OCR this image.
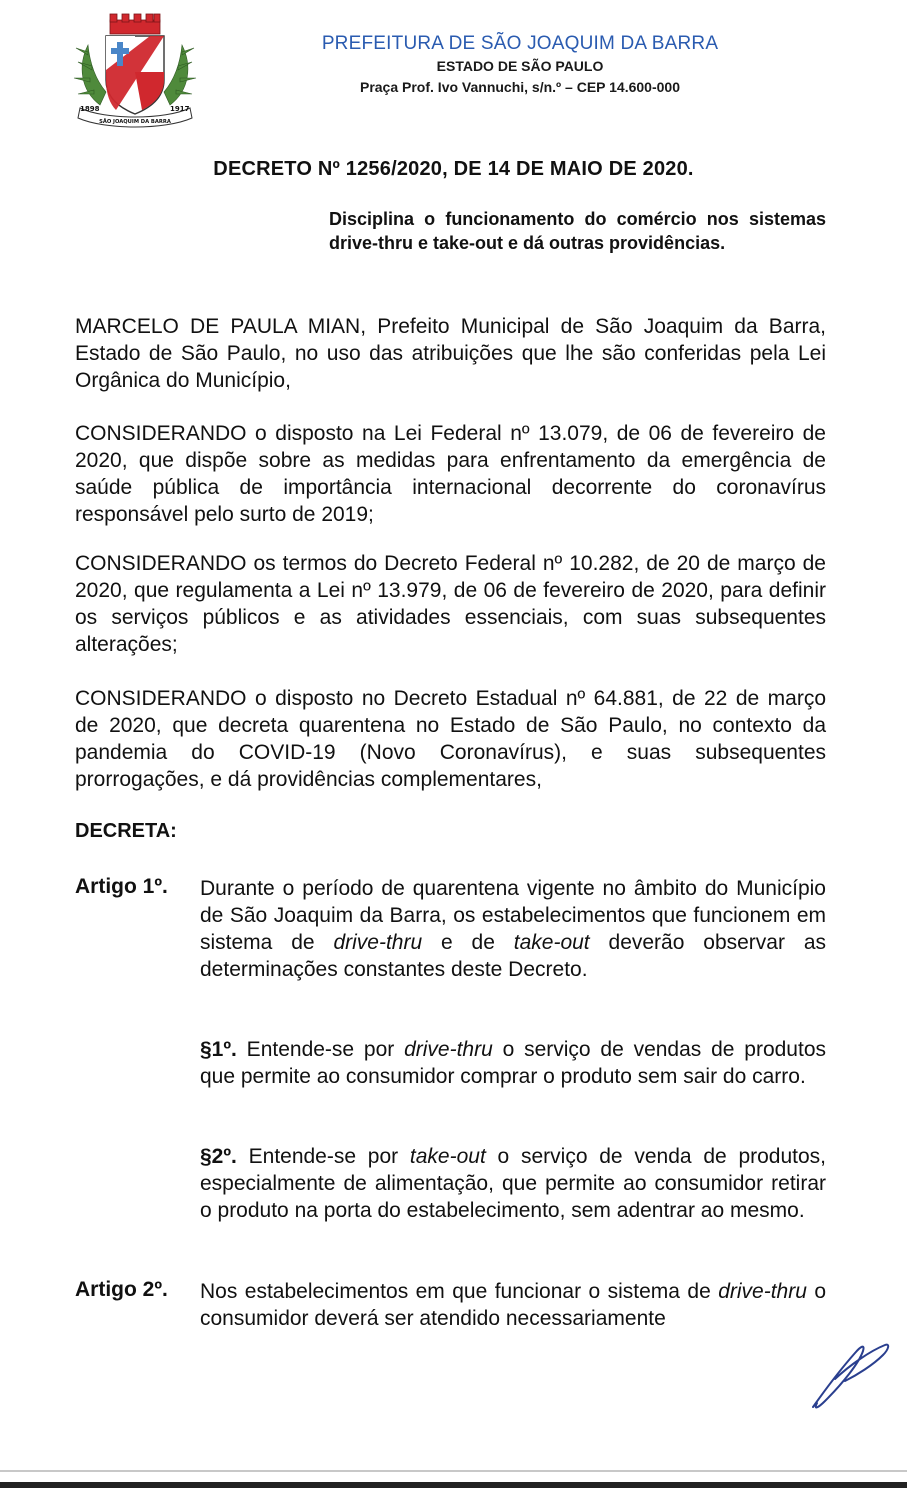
1898	1917
SÃO JOAQUIM DA BARRA
PREFEITURA DE SÃO JOAQUIM DA BARRA
ESTADO DE SÃO PAULO
Praça Prof. Ivo Vannuchi, s/n.º – CEP 14.600-000
DECRETO Nº 1256/2020, DE 14 DE MAIO DE 2020.
Disciplina o funcionamento do comércio nos sistemas drive-thru e take-out e dá outras providências.
MARCELO DE PAULA MIAN, Prefeito Municipal de São Joaquim da Barra, Estado de São Paulo, no uso das atribuições que lhe são conferidas pela Lei Orgânica do Município,
CONSIDERANDO o disposto na Lei Federal nº 13.079, de 06 de fevereiro de 2020, que dispõe sobre as medidas para enfrentamento da emergência de saúde pública de importância internacional decorrente do coronavírus responsável pelo surto de 2019;
CONSIDERANDO os termos do Decreto Federal nº 10.282, de 20 de março de 2020, que regulamenta a Lei nº 13.979, de 06 de fevereiro de 2020, para definir os serviços públicos e as atividades essenciais, com suas subsequentes alterações;
CONSIDERANDO o disposto no Decreto Estadual nº 64.881, de 22 de março de 2020, que decreta quarentena no Estado de São Paulo, no contexto da pandemia do COVID-19 (Novo Coronavírus), e suas subsequentes prorrogações, e dá providências complementares,
DECRETA:
Artigo 1º. Durante o período de quarentena vigente no âmbito do Município de São Joaquim da Barra, os estabelecimentos que funcionem em sistema de drive-thru e de take-out deverão observar as determinações constantes deste Decreto.
§1º. Entende-se por drive-thru o serviço de vendas de produtos que permite ao consumidor comprar o produto sem sair do carro.
§2º. Entende-se por take-out o serviço de venda de produtos, especialmente de alimentação, que permite ao consumidor retirar o produto na porta do estabelecimento, sem adentrar ao mesmo.
Artigo 2º. Nos estabelecimentos em que funcionar o sistema de drive-thru o consumidor deverá ser atendido necessariamente
